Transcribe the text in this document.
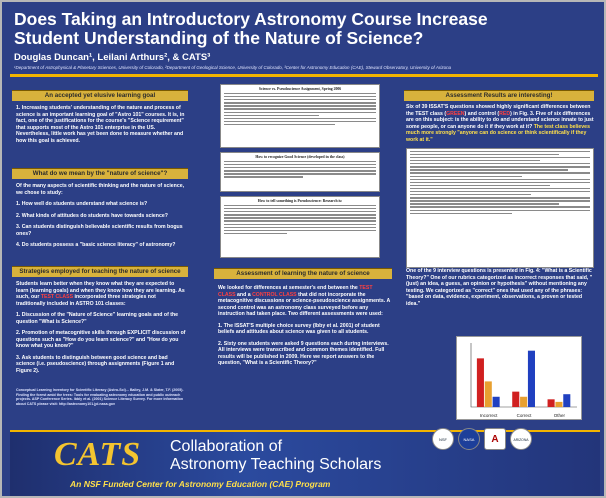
Does Taking an Introductory Astronomy Course Increase Student Understanding of the Nature of Science?
Douglas Duncan¹, Leilani Arthurs², & CATS³
¹Department of Astrophysical & Planetary Sciences, University of Colorado, ²Department of Geological Science, University of Colorado, ³Center for Astronomy Education (CAE), Steward Observatory, University of Arizona
An accepted yet elusive learning goal

1. Increasing students' understanding of the nature and process of science is an important learning goal of "Astro 101" courses. It is, in fact, one of the justifications for the course's "Science requirement" that supports most of the Astro 101 enterprise in the US. Nevertheless, little work has yet been done to measure whether and how this goal is achieved.

What do we mean by the "nature of science"?

Of the many aspects of scientific thinking and the nature of science, we chose to study:

1. How well do students understand what science is?

2. What kinds of attitudes do students have towards science?

3. Can students distinguish believable scientific results from bogus ones?

4. Do students possess a "basic science literacy" of astronomy?

Strategies employed for teaching the nature of science

Students learn better when they know what they are expected to learn (learning goals) and when they know how they are learning. As such, our TEST CLASS incorporated three strategies not traditionally included in ASTRO 101 classes:

1. Discussion of the "Nature of Science" learning goals and of the question "What is Science?"

2. Promotion of metacognitive skills through EXPLICIT discussion of questions such as "How do you learn science?" and "How do you know what you know?"

3. Ask students to distinguish between good science and bad science (i.e. pseudoscience) through assignments (Figure 1 and Figure 2).

Conceptual Learning Inventory for Scientific Literacy (Astro-Sci)... Bailey, J.M. & Slater, T.F. (2005). Finding the forest amid the trees: Tools for evaluating astronomy education and public outreach projects. ASP Conference Series. Ibbly et al. (2001) Science Literacy Survey. For more information about CATS please visit: http://astronomy101.jpl.nasa.gov
Science vs. Pseudoscience Assignment, Spring 2006
How to recognize Good Science (developed in the class)
How to tell something is Pseudoscience: Research is:
Assessment of learning the nature of science

We looked for differences at semester's end between the TEST CLASS and a CONTROL CLASS that did not incorporate the metacognitive discussions or science-pseudoscience assignments. A second control was an astronomy class surveyed before any instruction had taken place. Two different assessments were used:

1. The ISSAT'S multiple choice survey (Ibby et al. 2001) of student beliefs and attitudes about science was given to all students.

2. Sixty one students were asked 9 questions each during interviews. All interviews were transcribed and common themes identified. Full results will be published in 2009. Here we report answers to the question, "What is a Scientific Theory?"

Assessment Results are interesting!

Six of 39 ISSAT'S questions showed highly significant differences between the TEST class (GREEN) and control (RED) in Fig. 3. Five of six differences are on this subject: is the ability to do and understand science innate to just some people, or can anyone do it if they work at it? The test class believes much more strongly "anyone can do science or think scientifically if they work at it."

One of the 9 interview questions is presented in Fig. 4: "What is a Scientific Theory?" One of our rubrics categorized as incorrect responses that said, "(just) an idea, a guess, an opinion or hypothesis" without mentioning any testing. We categorized as "correct" ones that used any of the phrases: "based on data, evidence, experiment, observations, a proven or tested idea."

Incorrect	Correct	Other
CATS Collaboration of
Astronomy Teaching Scholars
An NSF Funded Center for Astronomy Education (CAE) Program
NSF	NASA	A	ARIZONA
